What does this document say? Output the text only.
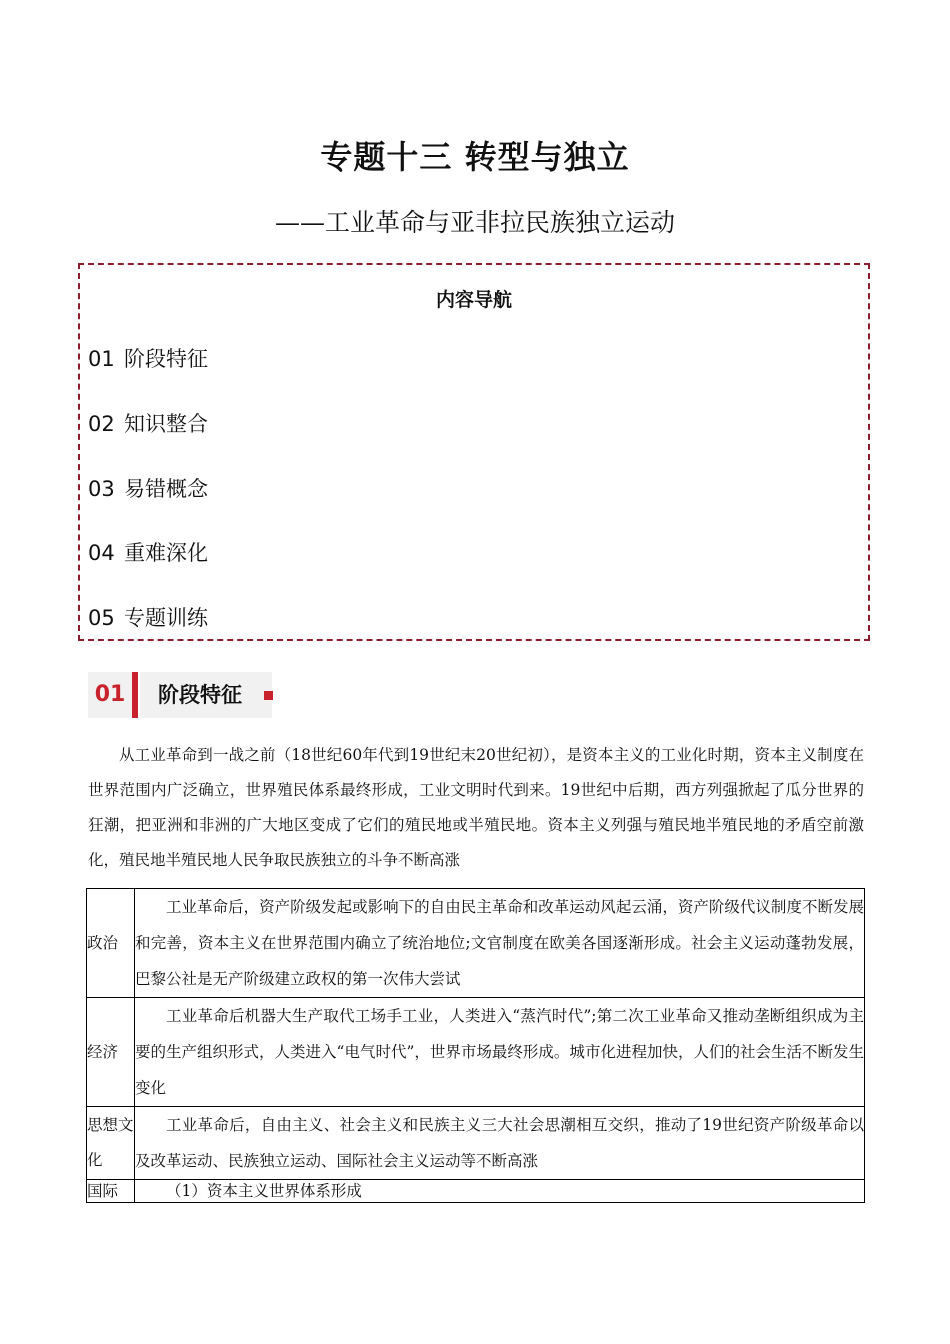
专题十三 转型与独立
——工业革命与亚非拉民族独立运动
内容导航
01 阶段特征
02 知识整合
03 易错概念
04 重难深化
05 专题训练
01	阶段特征
从工业革命到一战之前（18世纪60年代到19世纪末20世纪初），是资本主义的工业化时期，资本主义制度在世界范围内广泛确立，世界殖民体系最终形成，工业文明时代到来。19世纪中后期，西方列强掀起了瓜分世界的狂潮，把亚洲和非洲的广大地区变成了它们的殖民地或半殖民地。资本主义列强与殖民地半殖民地的矛盾空前激化，殖民地半殖民地人民争取民族独立的斗争不断高涨
政治	工业革命后，资产阶级发起或影响下的自由民主革命和改革运动风起云涌，资产阶级代议制度不断发展和完善，资本主义在世界范围内确立了统治地位;文官制度在欧美各国逐渐形成。社会主义运动蓬勃发展，巴黎公社是无产阶级建立政权的第一次伟大尝试
经济	工业革命后机器大生产取代工场手工业，人类进入“蒸汽时代”;第二次工业革命又推动垄断组织成为主要的生产组织形式，人类进入“电气时代”，世界市场最终形成。城市化进程加快，人们的社会生活不断发生变化
思想文化	工业革命后，自由主义、社会主义和民族主义三大社会思潮相互交织，推动了19世纪资产阶级革命以及改革运动、民族独立运动、国际社会主义运动等不断高涨
国际	（1）资本主义世界体系形成
